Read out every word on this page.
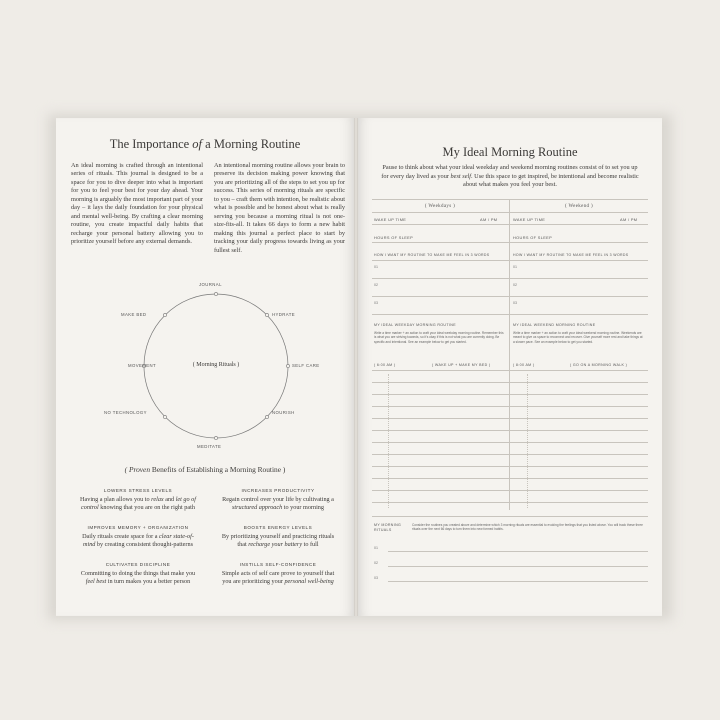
The Importance of a Morning Routine
An ideal morning is crafted through an intentional series of rituals. This journal is designed to be a space for you to dive deeper into what is important for you to feel your best for your day ahead. Your morning is arguably the most important part of your day – it lays the daily foundation for your physical and mental well-being. By crafting a clear morning routine, you create impactful daily habits that recharge your personal battery allowing you to prioritize yourself before any external demands.
An intentional morning routine allows your brain to preserve its decision making power knowing that you are prioritizing all of the steps to set you up for success. This series of morning rituals are specific to you – craft them with intention, be realistic about what is possible and be honest about what is really serving you because a morning ritual is not one-size-fits-all. It takes 66 days to form a new habit making this journal a perfect place to start by tracking your daily progress towards living as your fullest self.
( Morning Rituals )
JOURNAL
HYDRATE
SELF CARE
NOURISH
MEDITATE
NO TECHNOLOGY
MOVEMENT
MAKE BED
( Proven Benefits of Establishing a Morning Routine )
LOWERS STRESS LEVELS
Having a plan allows you to relax and let go of control knowing that you are on the right path
INCREASES PRODUCTIVITY
Regain control over your life by cultivating a structured approach to your morning
IMPROVES MEMORY + ORGANIZATION
Daily rituals create space for a clear state-of-mind by creating consistent thought-patterns
BOOSTS ENERGY LEVELS
By prioritizing yourself and practicing rituals that recharge your battery to full
CULTIVATES DISCIPLINE
Committing to doing the things that make you feel best in turn makes you a better person
INSTILLS SELF-CONFIDENCE
Simple acts of self care prove to yourself that you are prioritizing your personal well-being
My Ideal Morning Routine
Pause to think about what your ideal weekday and weekend morning routines consist of to set you up for every day lived as your best self. Use this space to get inspired, be intentional and become realistic about what makes you feel your best.
( Weekdays )	( Weekend )
WAKE UP TIME	AM / PM	WAKE UP TIME	AM / PM
HOURS OF SLEEP	HOURS OF SLEEP
HOW I WANT MY ROUTINE TO MAKE ME FEEL IN 3 WORDS	HOW I WANT MY ROUTINE TO MAKE ME FEEL IN 3 WORDS
01	01
02	02
03	03
MY IDEAL WEEKDAY MORNING ROUTINE	MY IDEAL WEEKEND MORNING ROUTINE
Write a time marker + an action to craft your ideal weekday morning routine. Remember this is what you are striving towards, so it's okay if this is not what you are currently doing. Be specific and intentional. See an example below to get you started.
Write a time marker + an action to craft your ideal weekend morning routine. Weekends are meant to give us space to reconnect and recover. Give yourself more rest and take things at a slower pace. See an example below to get you started.
( 6:00 AM )	( WAKE UP + MAKE MY BED )	( 8:00 AM )	( GO ON A MORNING WALK )
MY MORNING RITUALS
Consider the routines you created above and determine which 3 morning rituals are essential to evoking the feelings that you listed above. You will track these three rituals over the next 66 days to turn them into new formed habits.
01
02
03
